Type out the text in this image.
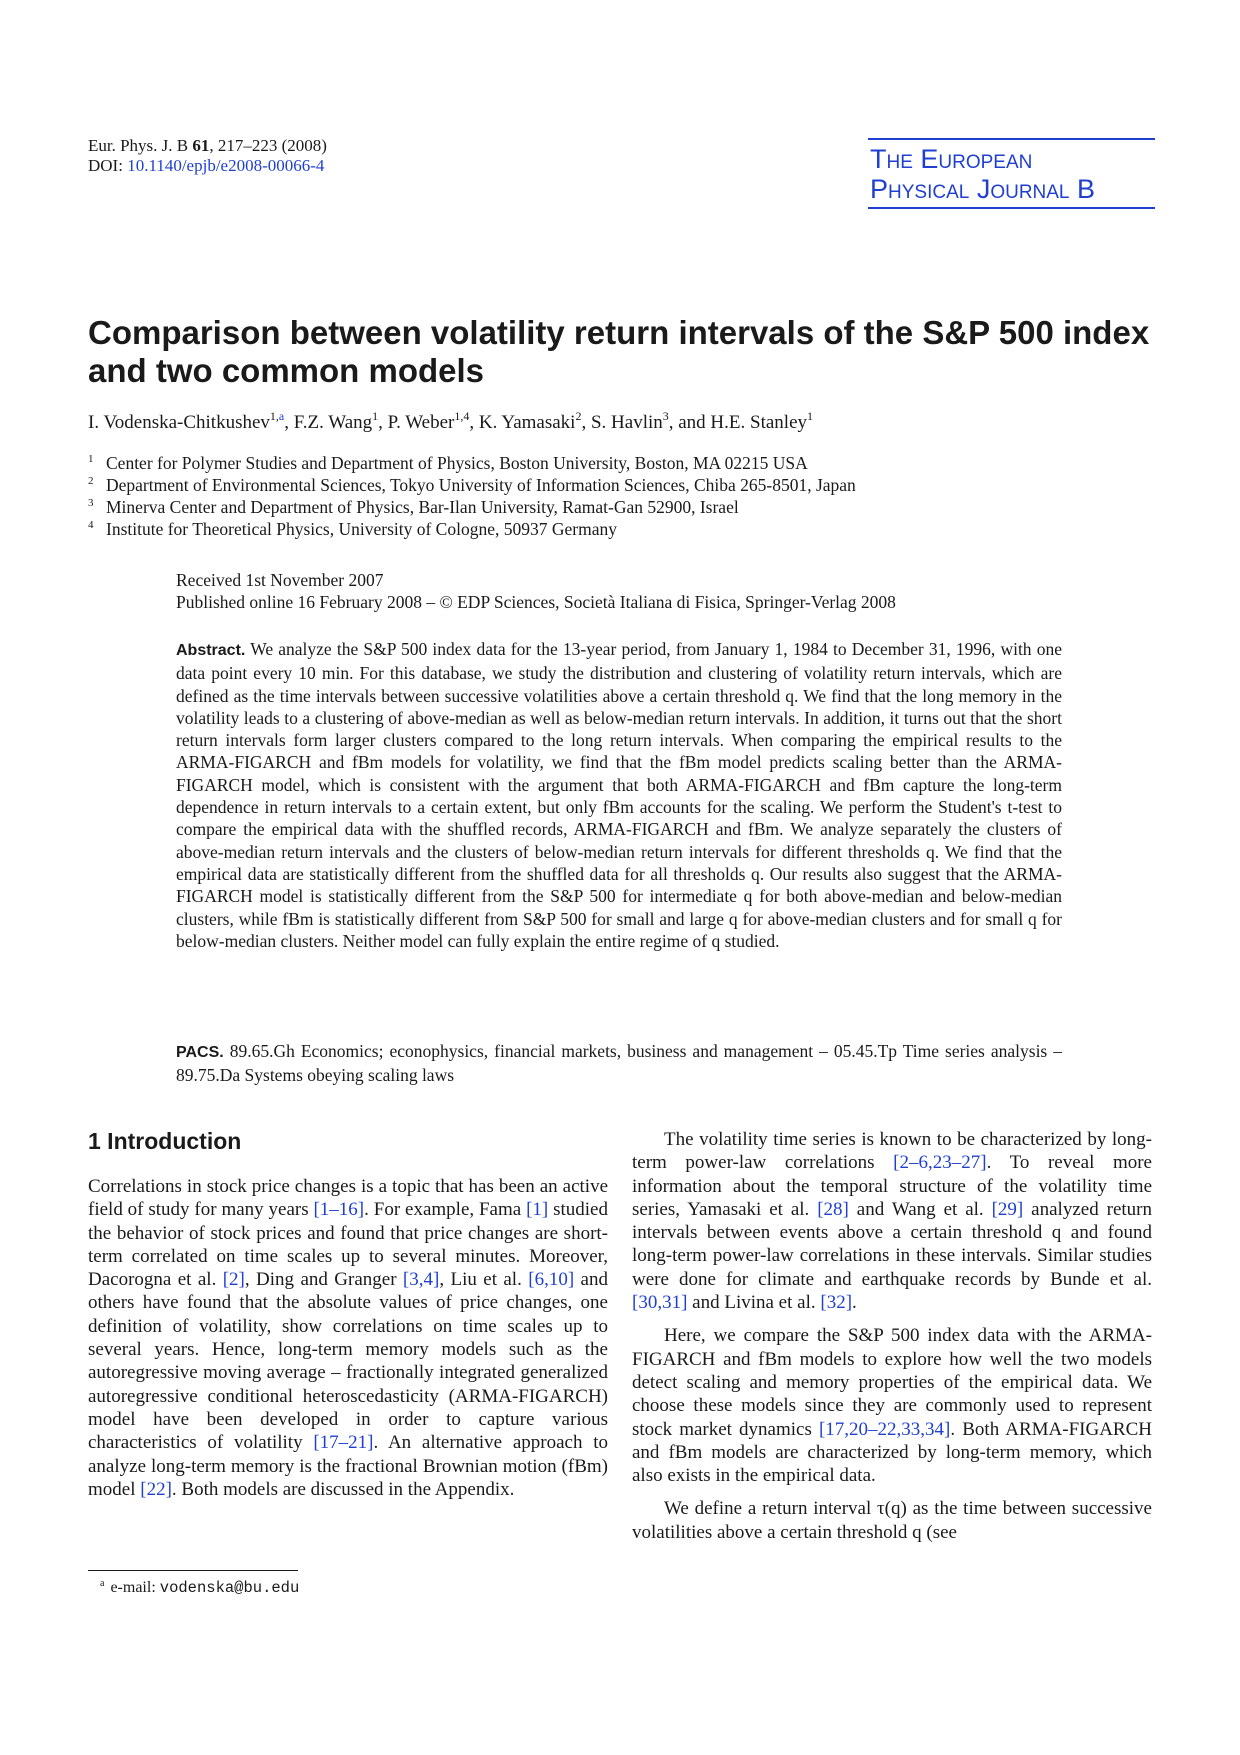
Eur. Phys. J. B 61, 217–223 (2008)
DOI: 10.1140/epjb/e2008-00066-4	The European
Physical Journal B
Comparison between volatility return intervals of the S&P 500 index and two common models
I. Vodenska-Chitkushev$^{1,a}$, F.Z. Wang$^1$, P. Weber$^{1,4}$, K. Yamasaki$^2$, S. Havlin$^3$, and H.E. Stanley$^1$
1 Center for Polymer Studies and Department of Physics, Boston University, Boston, MA 02215 USA
2 Department of Environmental Sciences, Tokyo University of Information Sciences, Chiba 265-8501, Japan
3 Minerva Center and Department of Physics, Bar-Ilan University, Ramat-Gan 52900, Israel
4 Institute for Theoretical Physics, University of Cologne, 50937 Germany
Received 1st November 2007
Published online 16 February 2008 – © EDP Sciences, Società Italiana di Fisica, Springer-Verlag 2008
Abstract. We analyze the S&P 500 index data for the 13-year period, from January 1, 1984 to December 31, 1996, with one data point every 10 min. For this database, we study the distribution and clustering of volatility return intervals, which are defined as the time intervals between successive volatilities above a certain threshold q. We find that the long memory in the volatility leads to a clustering of above-median as well as below-median return intervals. In addition, it turns out that the short return intervals form larger clusters compared to the long return intervals. When comparing the empirical results to the ARMA-FIGARCH and fBm models for volatility, we find that the fBm model predicts scaling better than the ARMA-FIGARCH model, which is consistent with the argument that both ARMA-FIGARCH and fBm capture the long-term dependence in return intervals to a certain extent, but only fBm accounts for the scaling. We perform the Student's t-test to compare the empirical data with the shuffled records, ARMA-FIGARCH and fBm. We analyze separately the clusters of above-median return intervals and the clusters of below-median return intervals for different thresholds q. We find that the empirical data are statistically different from the shuffled data for all thresholds q. Our results also suggest that the ARMA-FIGARCH model is statistically different from the S&P 500 for intermediate q for both above-median and below-median clusters, while fBm is statistically different from S&P 500 for small and large q for above-median clusters and for small q for below-median clusters. Neither model can fully explain the entire regime of q studied.
PACS. 89.65.Gh Economics; econophysics, financial markets, business and management – 05.45.Tp Time series analysis – 89.75.Da Systems obeying scaling laws
1 Introduction

Correlations in stock price changes is a topic that has been an active field of study for many years [1–16]. For example, Fama [1] studied the behavior of stock prices and found that price changes are short-term correlated on time scales up to several minutes. Moreover, Dacorogna et al. [2], Ding and Granger [3,4], Liu et al. [6,10] and others have found that the absolute values of price changes, one definition of volatility, show correlations on time scales up to several years. Hence, long-term memory models such as the autoregressive moving average – fractionally integrated generalized autoregressive conditional heteroscedasticity (ARMA-FIGARCH) model have been developed in order to capture various characteristics of volatility [17–21]. An alternative approach to analyze long-term memory is the fractional Brownian motion (fBm) model [22]. Both models are discussed in the Appendix.

The volatility time series is known to be characterized by long-term power-law correlations [2–6,23–27]. To reveal more information about the temporal structure of the volatility time series, Yamasaki et al. [28] and Wang et al. [29] analyzed return intervals between events above a certain threshold q and found long-term power-law correlations in these intervals. Similar studies were done for climate and earthquake records by Bunde et al. [30,31] and Livina et al. [32].

Here, we compare the S&P 500 index data with the ARMA-FIGARCH and fBm models to explore how well the two models detect scaling and memory properties of the empirical data. We choose these models since they are commonly used to represent stock market dynamics [17,20–22,33,34]. Both ARMA-FIGARCH and fBm models are characterized by long-term memory, which also exists in the empirical data.

We define a return interval τ(q) as the time between successive volatilities above a certain threshold q (see

$^a$ e-mail: vodenska@bu.edu
